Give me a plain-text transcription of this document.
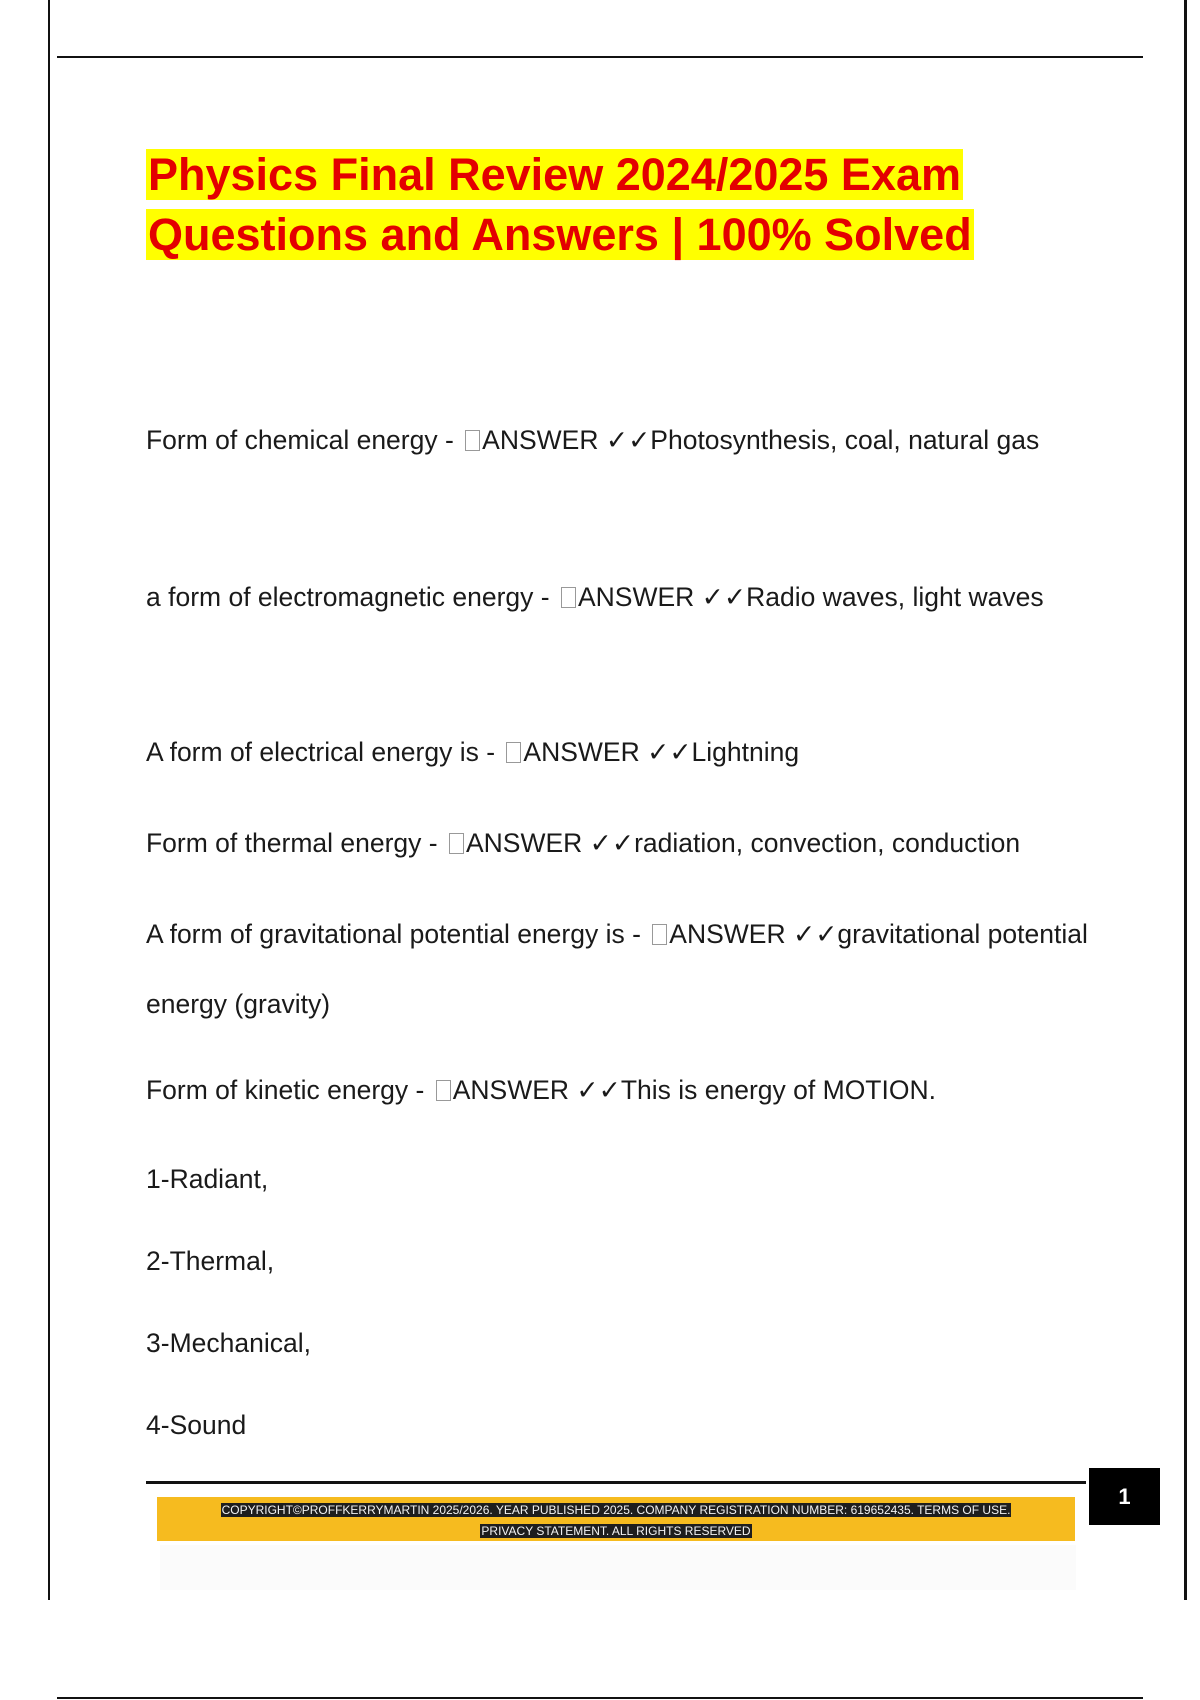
Physics Final Review 2024/2025 Exam Questions and Answers | 100% Solved
Form of chemical energy - ANSWER ✓✓Photosynthesis, coal, natural gas
a form of electromagnetic energy - ANSWER ✓✓Radio waves, light waves
A form of electrical energy is - ANSWER ✓✓Lightning
Form of thermal energy - ANSWER ✓✓radiation, convection, conduction
A form of gravitational potential energy is - ANSWER ✓✓gravitational potential energy (gravity)
Form of kinetic energy - ANSWER ✓✓This is energy of MOTION.
1-Radiant,
2-Thermal,
3-Mechanical,
4-Sound
1
COPYRIGHT©PROFFKERRYMARTIN 2025/2026. YEAR PUBLISHED 2025. COMPANY REGISTRATION NUMBER: 619652435. TERMS OF USE.
PRIVACY STATEMENT. ALL RIGHTS RESERVED
